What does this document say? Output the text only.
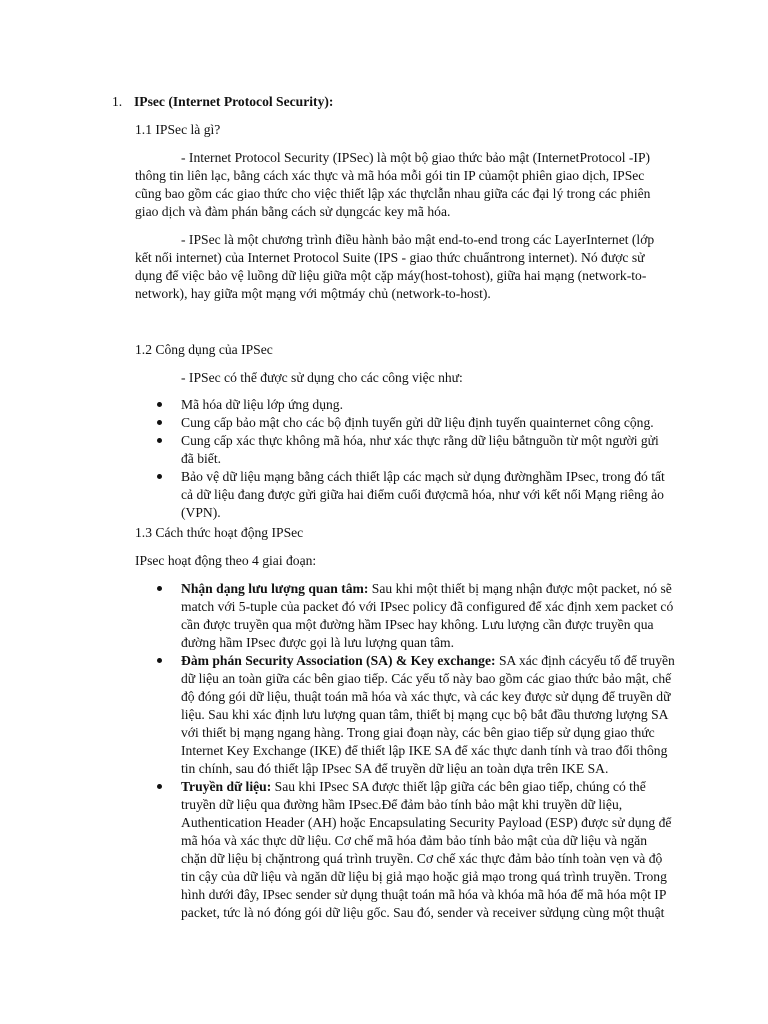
1. IPsec (Internet Protocol Security):
1.1 IPSec là gì?
- Internet Protocol Security (IPSec) là một bộ giao thức bảo mật (InternetProtocol -IP) thông tin liên lạc, bằng cách xác thực và mã hóa mỗi gói tin IP củamột phiên giao dịch, IPSec cũng bao gồm các giao thức cho việc thiết lập xác thựclẫn nhau giữa các đại lý trong các phiên giao dịch và đàm phán bằng cách sử dụngcác key mã hóa.
- IPSec là một chương trình điều hành bảo mật end-to-end trong các LayerInternet (lớp kết nối internet) của Internet Protocol Suite (IPS - giao thức chuẩntrong internet). Nó được sử dụng để việc bảo vệ luồng dữ liệu giữa một cặp máy(host-tohost), giữa hai mạng (network-to-network), hay giữa một mạng với mộtmáy chủ (network-to-host).
1.2 Công dụng của IPSec
- IPSec có thể được sử dụng cho các công việc như:
Mã hóa dữ liệu lớp ứng dụng.
Cung cấp bảo mật cho các bộ định tuyến gửi dữ liệu định tuyến quainternet công cộng.
Cung cấp xác thực không mã hóa, như xác thực rằng dữ liệu bắtnguồn từ một người gửi đã biết.
Bảo vệ dữ liệu mạng bằng cách thiết lập các mạch sử dụng đườnghầm IPsec, trong đó tất cả dữ liệu đang được gửi giữa hai điểm cuối đượcmã hóa, như với kết nối Mạng riêng ảo (VPN).
1.3 Cách thức hoạt động IPSec
IPsec hoạt động theo 4 giai đoạn:
Nhận dạng lưu lượng quan tâm: Sau khi một thiết bị mạng nhận được một packet, nó sẽ match với 5-tuple của packet đó với IPsec policy đã configured để xác định xem packet có cần được truyền qua một đường hầm IPsec hay không. Lưu lượng cần được truyền qua đường hầm IPsec được gọi là lưu lượng quan tâm.
Đàm phán Security Association (SA) & Key exchange: SA xác định cácyếu tố để truyền dữ liệu an toàn giữa các bên giao tiếp. Các yếu tố này bao gồm các giao thức bảo mật, chế độ đóng gói dữ liệu, thuật toán mã hóa và xác thực, và các key được sử dụng để truyền dữ liệu. Sau khi xác định lưu lượng quan tâm, thiết bị mạng cục bộ bắt đầu thương lượng SA với thiết bị mạng ngang hàng. Trong giai đoạn này, các bên giao tiếp sử dụng giao thức Internet Key Exchange (IKE) để thiết lập IKE SA để xác thực danh tính và trao đổi thông tin chính, sau đó thiết lập IPsec SA để truyền dữ liệu an toàn dựa trên IKE SA.
Truyền dữ liệu: Sau khi IPsec SA được thiết lập giữa các bên giao tiếp, chúng có thể truyền dữ liệu qua đường hầm IPsec.Để đảm bảo tính bảo mật khi truyền dữ liệu, Authentication Header (AH) hoặc Encapsulating Security Payload (ESP) được sử dụng để mã hóa và xác thực dữ liệu. Cơ chế mã hóa đảm bảo tính bảo mật của dữ liệu và ngăn chặn dữ liệu bị chặntrong quá trình truyền. Cơ chế xác thực đảm bảo tính toàn vẹn và độ tin cậy của dữ liệu và ngăn dữ liệu bị giả mạo hoặc giả mạo trong quá trình truyền. Trong hình dưới đây, IPsec sender sử dụng thuật toán mã hóa và khóa mã hóa để mã hóa một IP packet, tức là nó đóng gói dữ liệu gốc. Sau đó, sender và receiver sửdụng cùng một thuật
